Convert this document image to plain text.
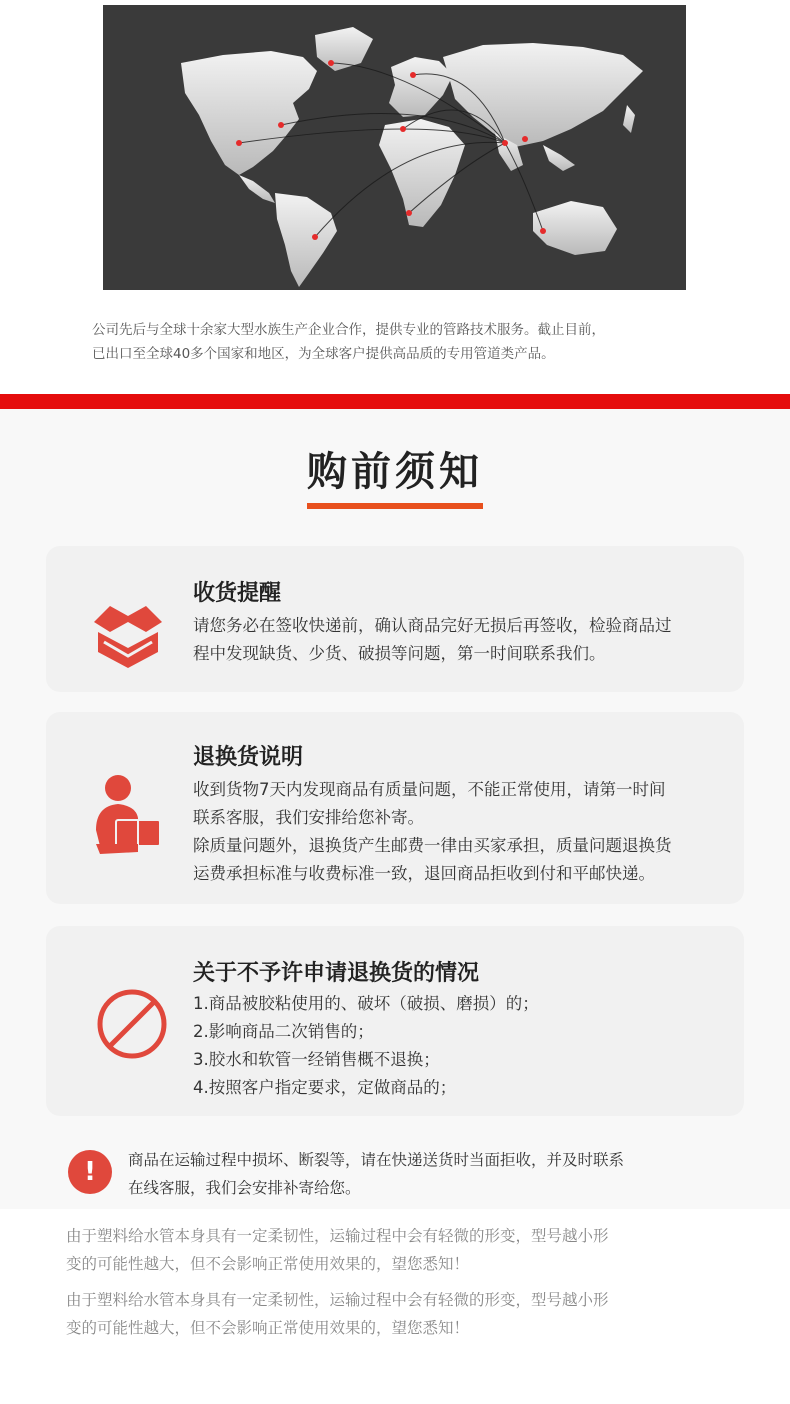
公司先后与全球十余家大型水族生产企业合作，提供专业的管路技术服务。截止目前，
已出口至全球40多个国家和地区，为全球客户提供高品质的专用管道类产品。
购前须知
收货提醒
请您务必在签收快递前，确认商品完好无损后再签收，检验商品过
程中发现缺货、少货、破损等问题，第一时间联系我们。
退换货说明
收到货物7天内发现商品有质量问题，不能正常使用，请第一时间
联系客服，我们安排给您补寄。
除质量问题外，退换货产生邮费一律由买家承担，质量问题退换货
运费承担标准与收费标准一致，退回商品拒收到付和平邮快递。
关于不予许申请退换货的情况
1.商品被胶粘使用的、破坏（破损、磨损）的；
2.影响商品二次销售的；
3.胶水和软管一经销售概不退换；
4.按照客户指定要求，定做商品的；
!	商品在运输过程中损坏、断裂等，请在快递送货时当面拒收，并及时联系
在线客服，我们会安排补寄给您。
由于塑料给水管本身具有一定柔韧性，运输过程中会有轻微的形变，型号越小形
变的可能性越大，但不会影响正常使用效果的，望您悉知！
由于塑料给水管本身具有一定柔韧性，运输过程中会有轻微的形变，型号越小形
变的可能性越大，但不会影响正常使用效果的，望您悉知！
